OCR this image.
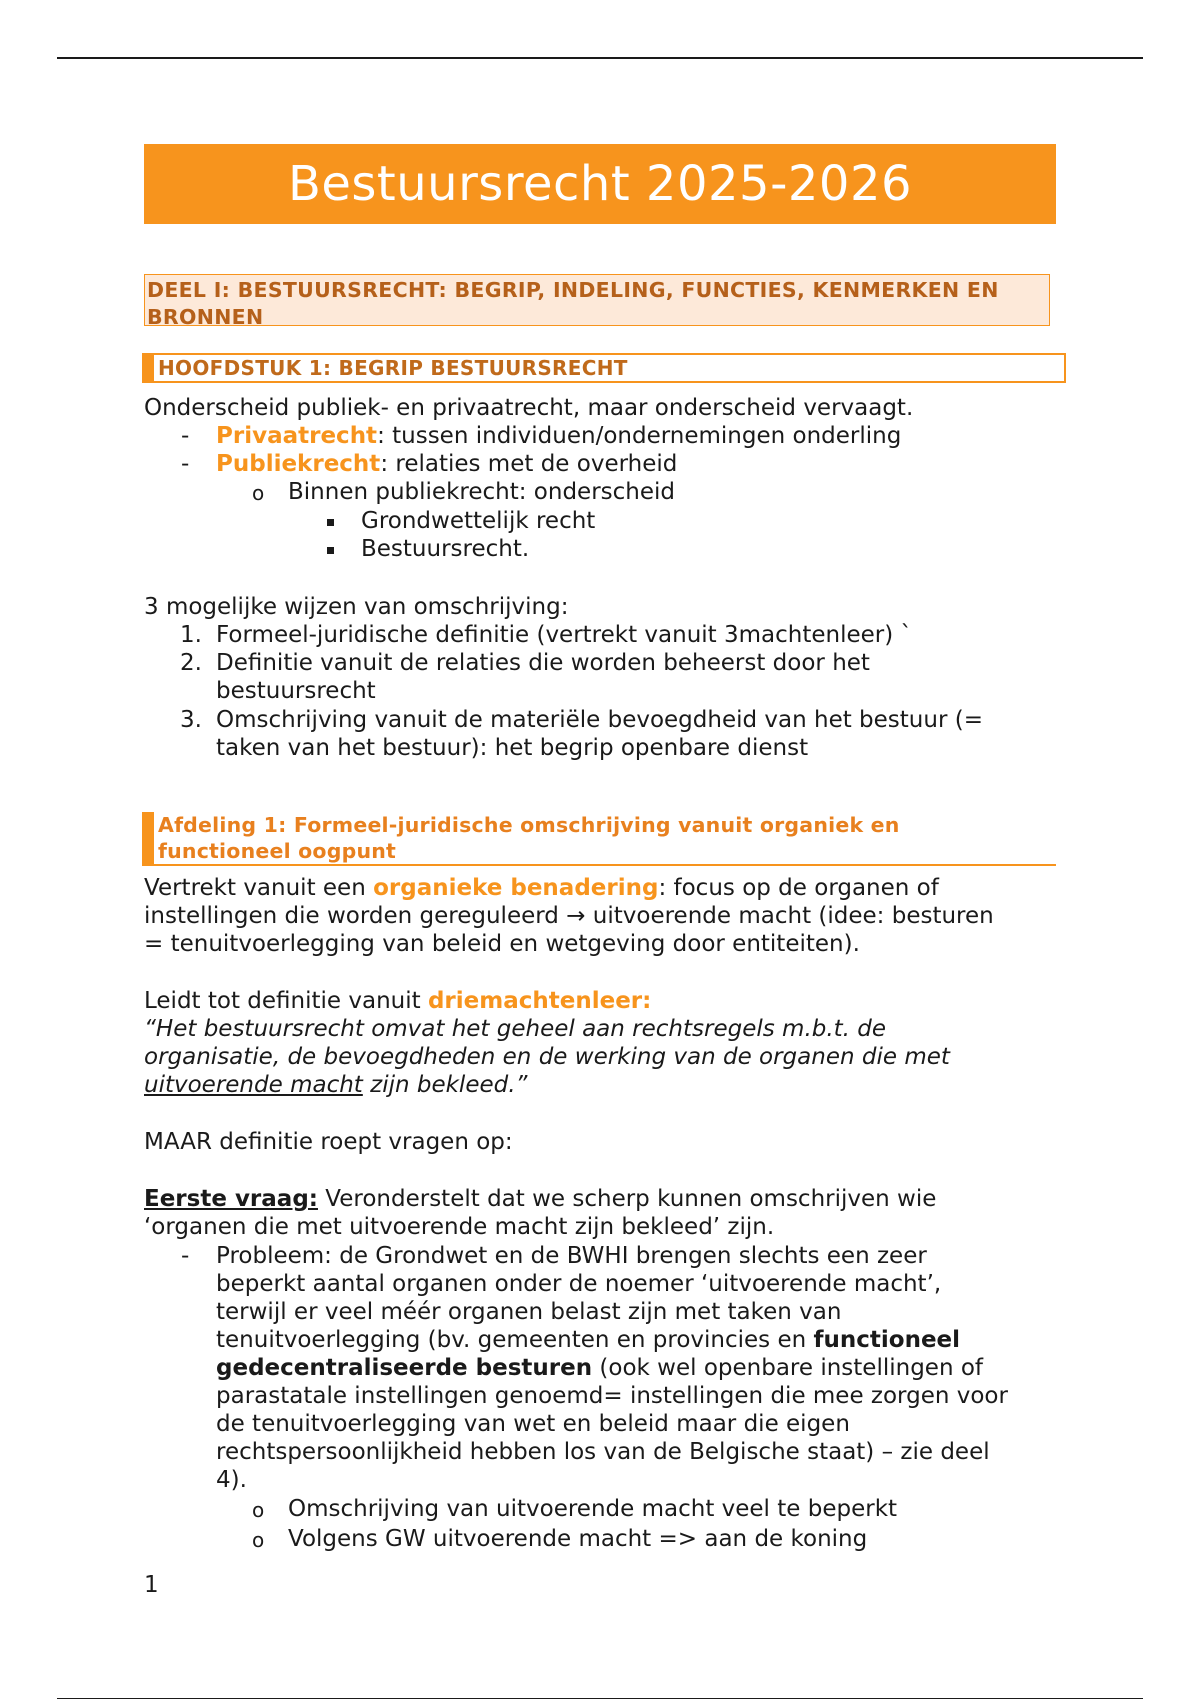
Bestuursrecht 2025-2026
DEEL I: BESTUURSRECHT: BEGRIP, INDELING, FUNCTIES, KENMERKEN EN
BRONNEN
HOOFDSTUK 1: BEGRIP BESTUURSRECHT
Onderscheid publiek- en privaatrecht, maar onderscheid vervaagt.
- Privaatrecht: tussen individuen/ondernemingen onderling
- Publiekrecht: relaties met de overheid
o Binnen publiekrecht: onderscheid
Grondwettelijk recht
Bestuursrecht.
3 mogelijke wijzen van omschrijving:
1. Formeel-juridische definitie (vertrekt vanuit 3machtenleer) `
2. Definitie vanuit de relaties die worden beheerst door het
bestuursrecht
3. Omschrijving vanuit de materiële bevoegdheid van het bestuur (=
taken van het bestuur): het begrip openbare dienst
Afdeling 1: Formeel-juridische omschrijving vanuit organiek en
functioneel oogpunt
Vertrekt vanuit een organieke benadering: focus op de organen of
instellingen die worden gereguleerd → uitvoerende macht (idee: besturen
= tenuitvoerlegging van beleid en wetgeving door entiteiten).
Leidt tot definitie vanuit driemachtenleer:
“Het bestuursrecht omvat het geheel aan rechtsregels m.b.t. de
organisatie, de bevoegdheden en de werking van de organen die met
uitvoerende macht zijn bekleed.”
MAAR definitie roept vragen op:
Eerste vraag: Veronderstelt dat we scherp kunnen omschrijven wie
‘organen die met uitvoerende macht zijn bekleed’ zijn.
- Probleem: de Grondwet en de BWHI brengen slechts een zeer
beperkt aantal organen onder de noemer ‘uitvoerende macht’,
terwijl er veel méér organen belast zijn met taken van
tenuitvoerlegging (bv. gemeenten en provincies en functioneel
gedecentraliseerde besturen (ook wel openbare instellingen of
parastatale instellingen genoemd= instellingen die mee zorgen voor
de tenuitvoerlegging van wet en beleid maar die eigen
rechtspersoonlijkheid hebben los van de Belgische staat) – zie deel
4).
o Omschrijving van uitvoerende macht veel te beperkt
o Volgens GW uitvoerende macht => aan de koning
1
